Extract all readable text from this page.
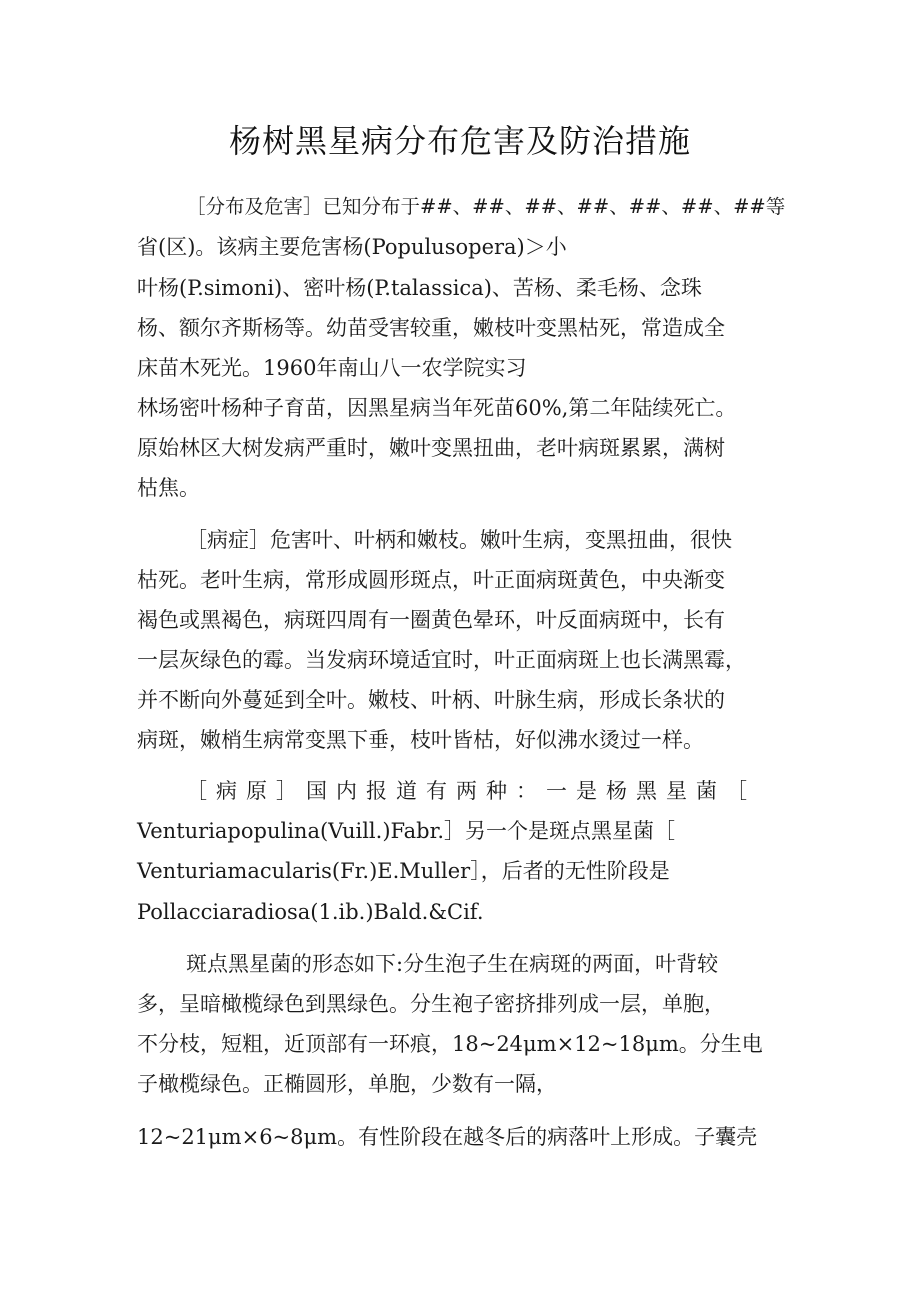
杨树黑星病分布危害及防治措施
［分布及危害］已知分布于##、##、##、##、##、##、##等
省(区)。该病主要危害杨(Populusopera)＞小
叶杨(P.simoni)、密叶杨(P.talassica)、苦杨、柔毛杨、念珠
杨、额尔齐斯杨等。幼苗受害较重，嫩枝叶变黑枯死，常造成全
床苗木死光。1960年南山八一农学院实习
林场密叶杨种子育苗，因黑星病当年死苗60%,第二年陆续死亡。
原始林区大树发病严重时，嫩叶变黑扭曲，老叶病斑累累，满树
枯焦。
［病症］危害叶、叶柄和嫩枝。嫩叶生病，变黑扭曲，很快
枯死。老叶生病，常形成圆形斑点，叶正面病斑黄色，中央渐变
褐色或黑褐色，病斑四周有一圈黄色晕环，叶反面病斑中，长有
一层灰绿色的霉。当发病环境适宜时，叶正面病斑上也长满黑霉，
并不断向外蔓延到全叶。嫩枝、叶柄、叶脉生病，形成长条状的
病斑，嫩梢生病常变黑下垂，枝叶皆枯，好似沸水烫过一样。
［病原］国内报道有两种：一是杨黑星菌［
Venturiapopulina(Vuill.)Fabr.］另一个是斑点黑星菌［
Venturiamacularis(Fr.)E.Muller］，后者的无性阶段是
Pollacciaradiosa(1.ib.)Bald.&Cif.
斑点黑星菌的形态如下:分生泡子生在病斑的两面，叶背较
多，呈暗橄榄绿色到黑绿色。分生袍子密挤排列成一层，单胞，
不分枝，短粗，近顶部有一环痕，18~24μm×12~18μm。分生电
子橄榄绿色。正椭圆形，单胞，少数有一隔，
12~21μm×6~8μm。有性阶段在越冬后的病落叶上形成。子囊壳
